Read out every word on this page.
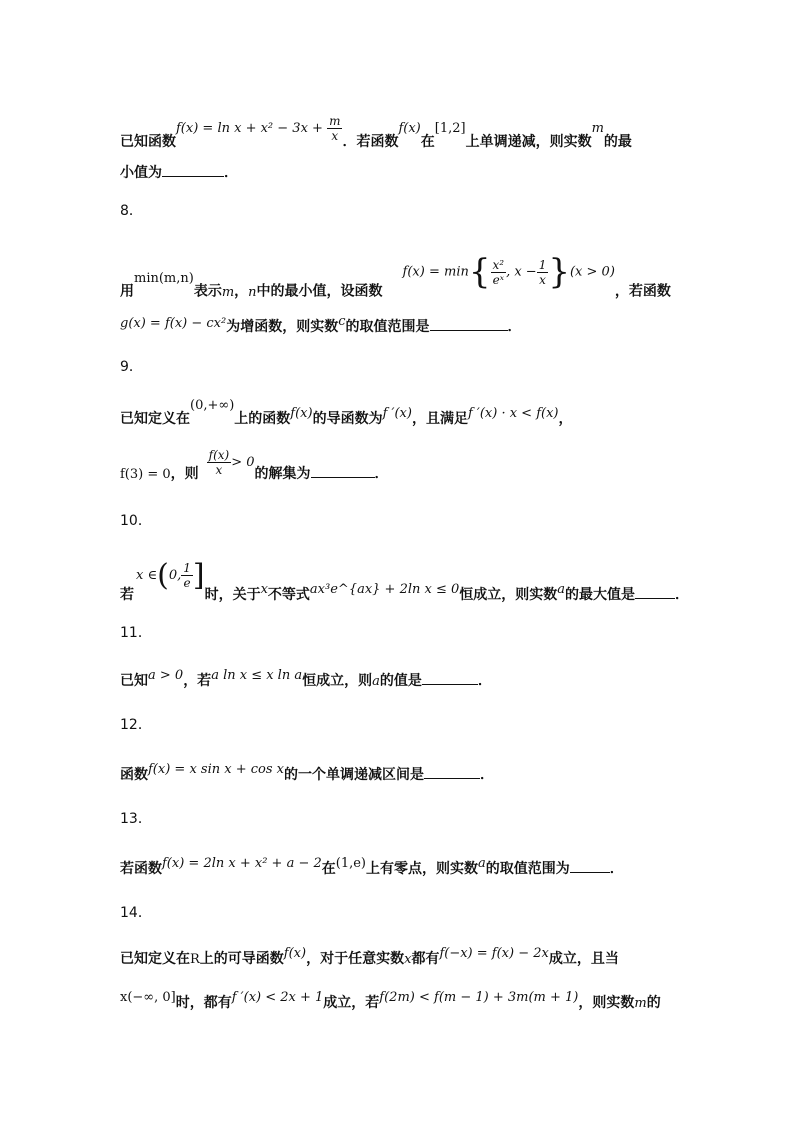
已知函数$f(x) = \ln x + x^2 - 3x + \frac{m}{x}$ ．若函数f(x)在[1,2]上单调递减，则实数m的最
小值为	．
8．
用min(m,n)表示m，n中的最小值，设函数$f(x) = \min\{ \frac{\text{x²}}{\text{eˣ}}$ , $x - \frac{1}{x} \}(x > 0)$，若函数
g(x) = f(x) − cx²为增函数，则实数c的取值范围是	．
9．
已知定义在(0,+∞)上的函数f(x)的导函数为f ′(x)，且满足f ′(x) · x < f(x)，
f(3) = 0，则 $\frac{f(x)}{x} > 0$的解集为	．
10．
若x ∈(0, $\frac{1}{e}$ ]时，关于x不等式ax³e^{ax} + 2ln x ≤ 0恒成立，则实数a的最大值是	．
11．
已知a > 0，若a ln x ≤ x ln a恒成立，则a的值是	．
12．
函数f(x) = x sin x + cos x的一个单调递减区间是	．
13．
若函数f(x) = 2ln x + x² + a − 2在(1,e)上有零点，则实数a的取值范围为	．
14．
已知定义在R上的可导函数f(x)，对于任意实数x都有f(−x) = f(x) − 2x成立，且当
x(−∞, 0]时，都有f ′(x) < 2x + 1成立，若f(2m) < f(m − 1) + 3m(m + 1)，则实数m的
